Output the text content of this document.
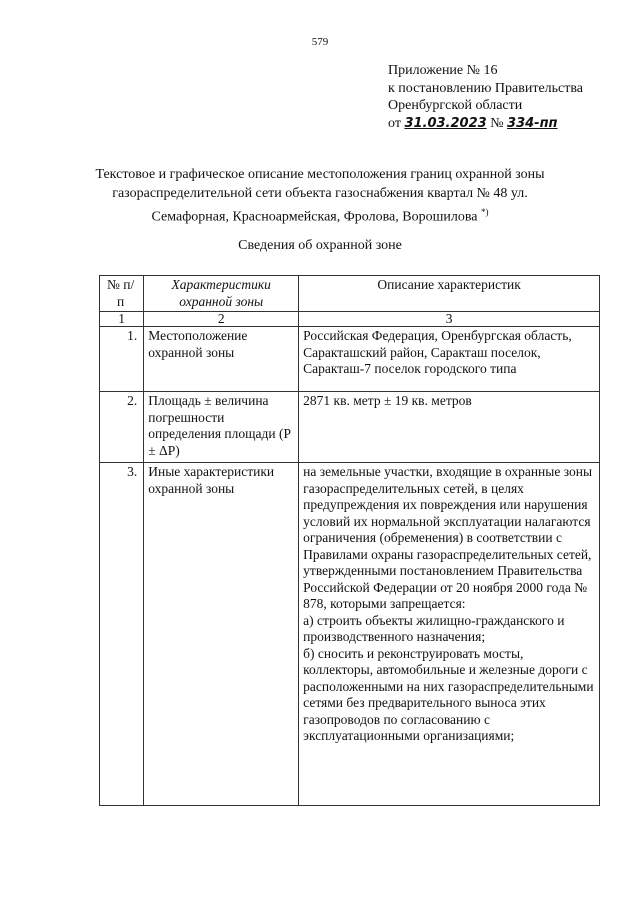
579
Приложение № 16
к постановлению Правительства
Оренбургской области
от 31.03.2023 № 334-пп
Текстовое и графическое описание местоположения границ охранной зоны газораспределительной сети объекта газоснабжения квартал № 48 ул. Семафорная, Красноармейская, Фролова, Ворошилова *)
Сведения об охранной зоне
№ п/п	Характеристики охранной зоны	Описание характеристик
1	2	3
1.	Местоположение охранной зоны	Российская Федерация, Оренбургская область, Саракташский район, Саракташ поселок, Саракташ-7 поселок городского типа
2.	Площадь ± величина погрешности определения площади (P ± ΔP)	2871 кв. метр ± 19 кв. метров
3.	Иные характеристики охранной зоны	на земельные участки, входящие в охранные зоны газораспределительных сетей, в целях предупреждения их повреждения или нарушения условий их нормальной эксплуатации налагаются ограничения (обременения) в соответствии с Правилами охраны газораспределительных сетей, утвержденными постановлением Правительства Российской Федерации от 20 ноября 2000 года № 878, которыми запрещается:
а) строить объекты жилищно-гражданского и производственного назначения;
б) сносить и реконструировать мосты, коллекторы, автомобильные и железные дороги с расположенными на них газораспределительными сетями без предварительного выноса этих газопроводов по согласованию с эксплуатационными организациями;
